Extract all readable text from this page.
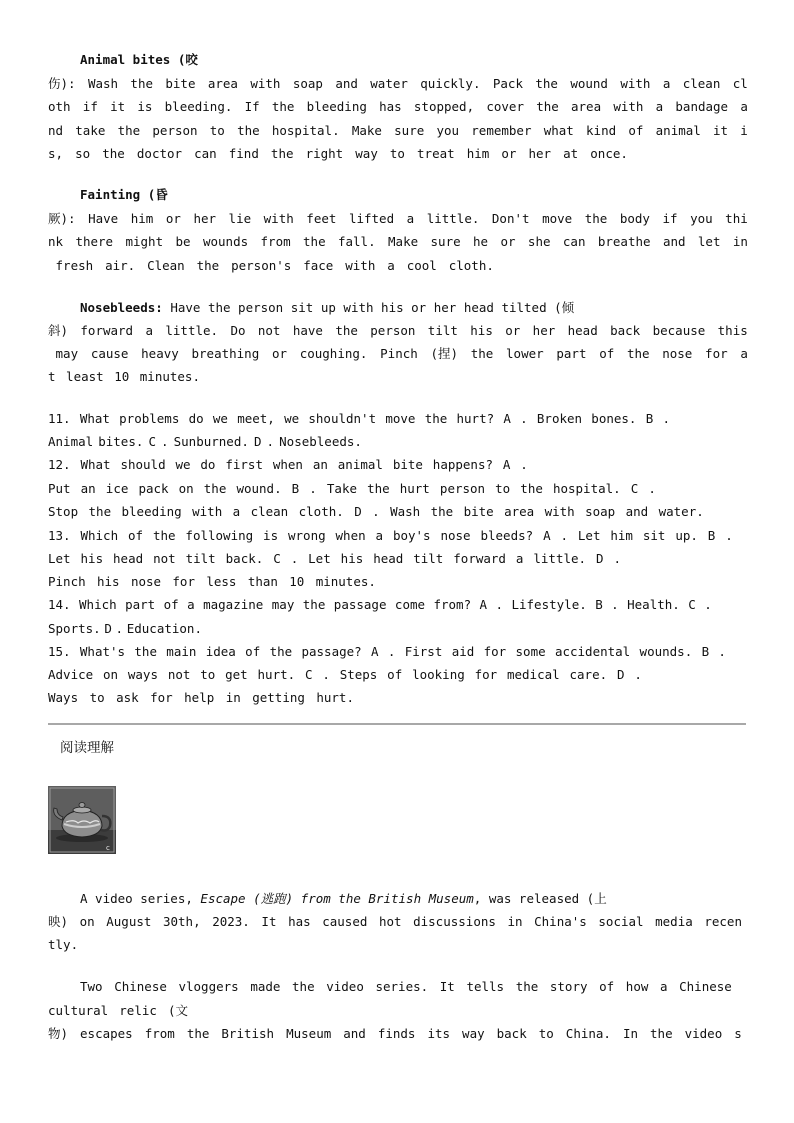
Animal bites (咬
伤): Wash the bite area with soap and water quickly. Pack the wound with a clean cl
oth if it is bleeding. If the bleeding has stopped, cover the area with a bandage a
nd take the person to the hospital. Make sure you remember what kind of animal it i
s, so the doctor can find the right way to treat him or her at once.
Fainting (昏
厥): Have him or her lie with feet lifted a little. Don't move the body if you thi
nk there might be wounds from the fall. Make sure he or she can breathe and let in
fresh air. Clean the person's face with a cool cloth.
Nosebleeds: Have the person sit up with his or her head tilted (倾
斜) forward a little. Do not have the person tilt his or her head back because this
may cause heavy breathing or coughing. Pinch (捏) the lower part of the nose for a
t least 10 minutes.
11. What problems do we meet, we shouldn't move the hurt? A . Broken bones. B .
Animal bites. C . Sunburned. D . Nosebleeds.
12. What should we do first when an animal bite happens? A .
Put an ice pack on the wound. B . Take the hurt person to the hospital. C .
Stop the bleeding with a clean cloth. D . Wash the bite area with soap and water.
13. Which of the following is wrong when a boy's nose bleeds? A . Let him sit up. B .
Let his head not tilt back. C . Let his head tilt forward a little. D .
Pinch his nose for less than 10 minutes.
14. Which part of a magazine may the passage come from? A . Lifestyle. B . Health. C .
Sports. D . Education.
15. What's the main idea of the passage? A . First aid for some accidental wounds. B .
Advice on ways not to get hurt. C . Steps of looking for medical care. D .
Ways to ask for help in getting hurt.
阅读理解
c
A video series, Escape (逃跑) from the British Museum, was released (上
映) on August 30th, 2023. It has caused hot discussions in China's social media recen
tly.
Two Chinese vloggers made the video series. It tells the story of how a Chinese
cultural relic (文
物) escapes from the British Museum and finds its way back to China. In the video s
